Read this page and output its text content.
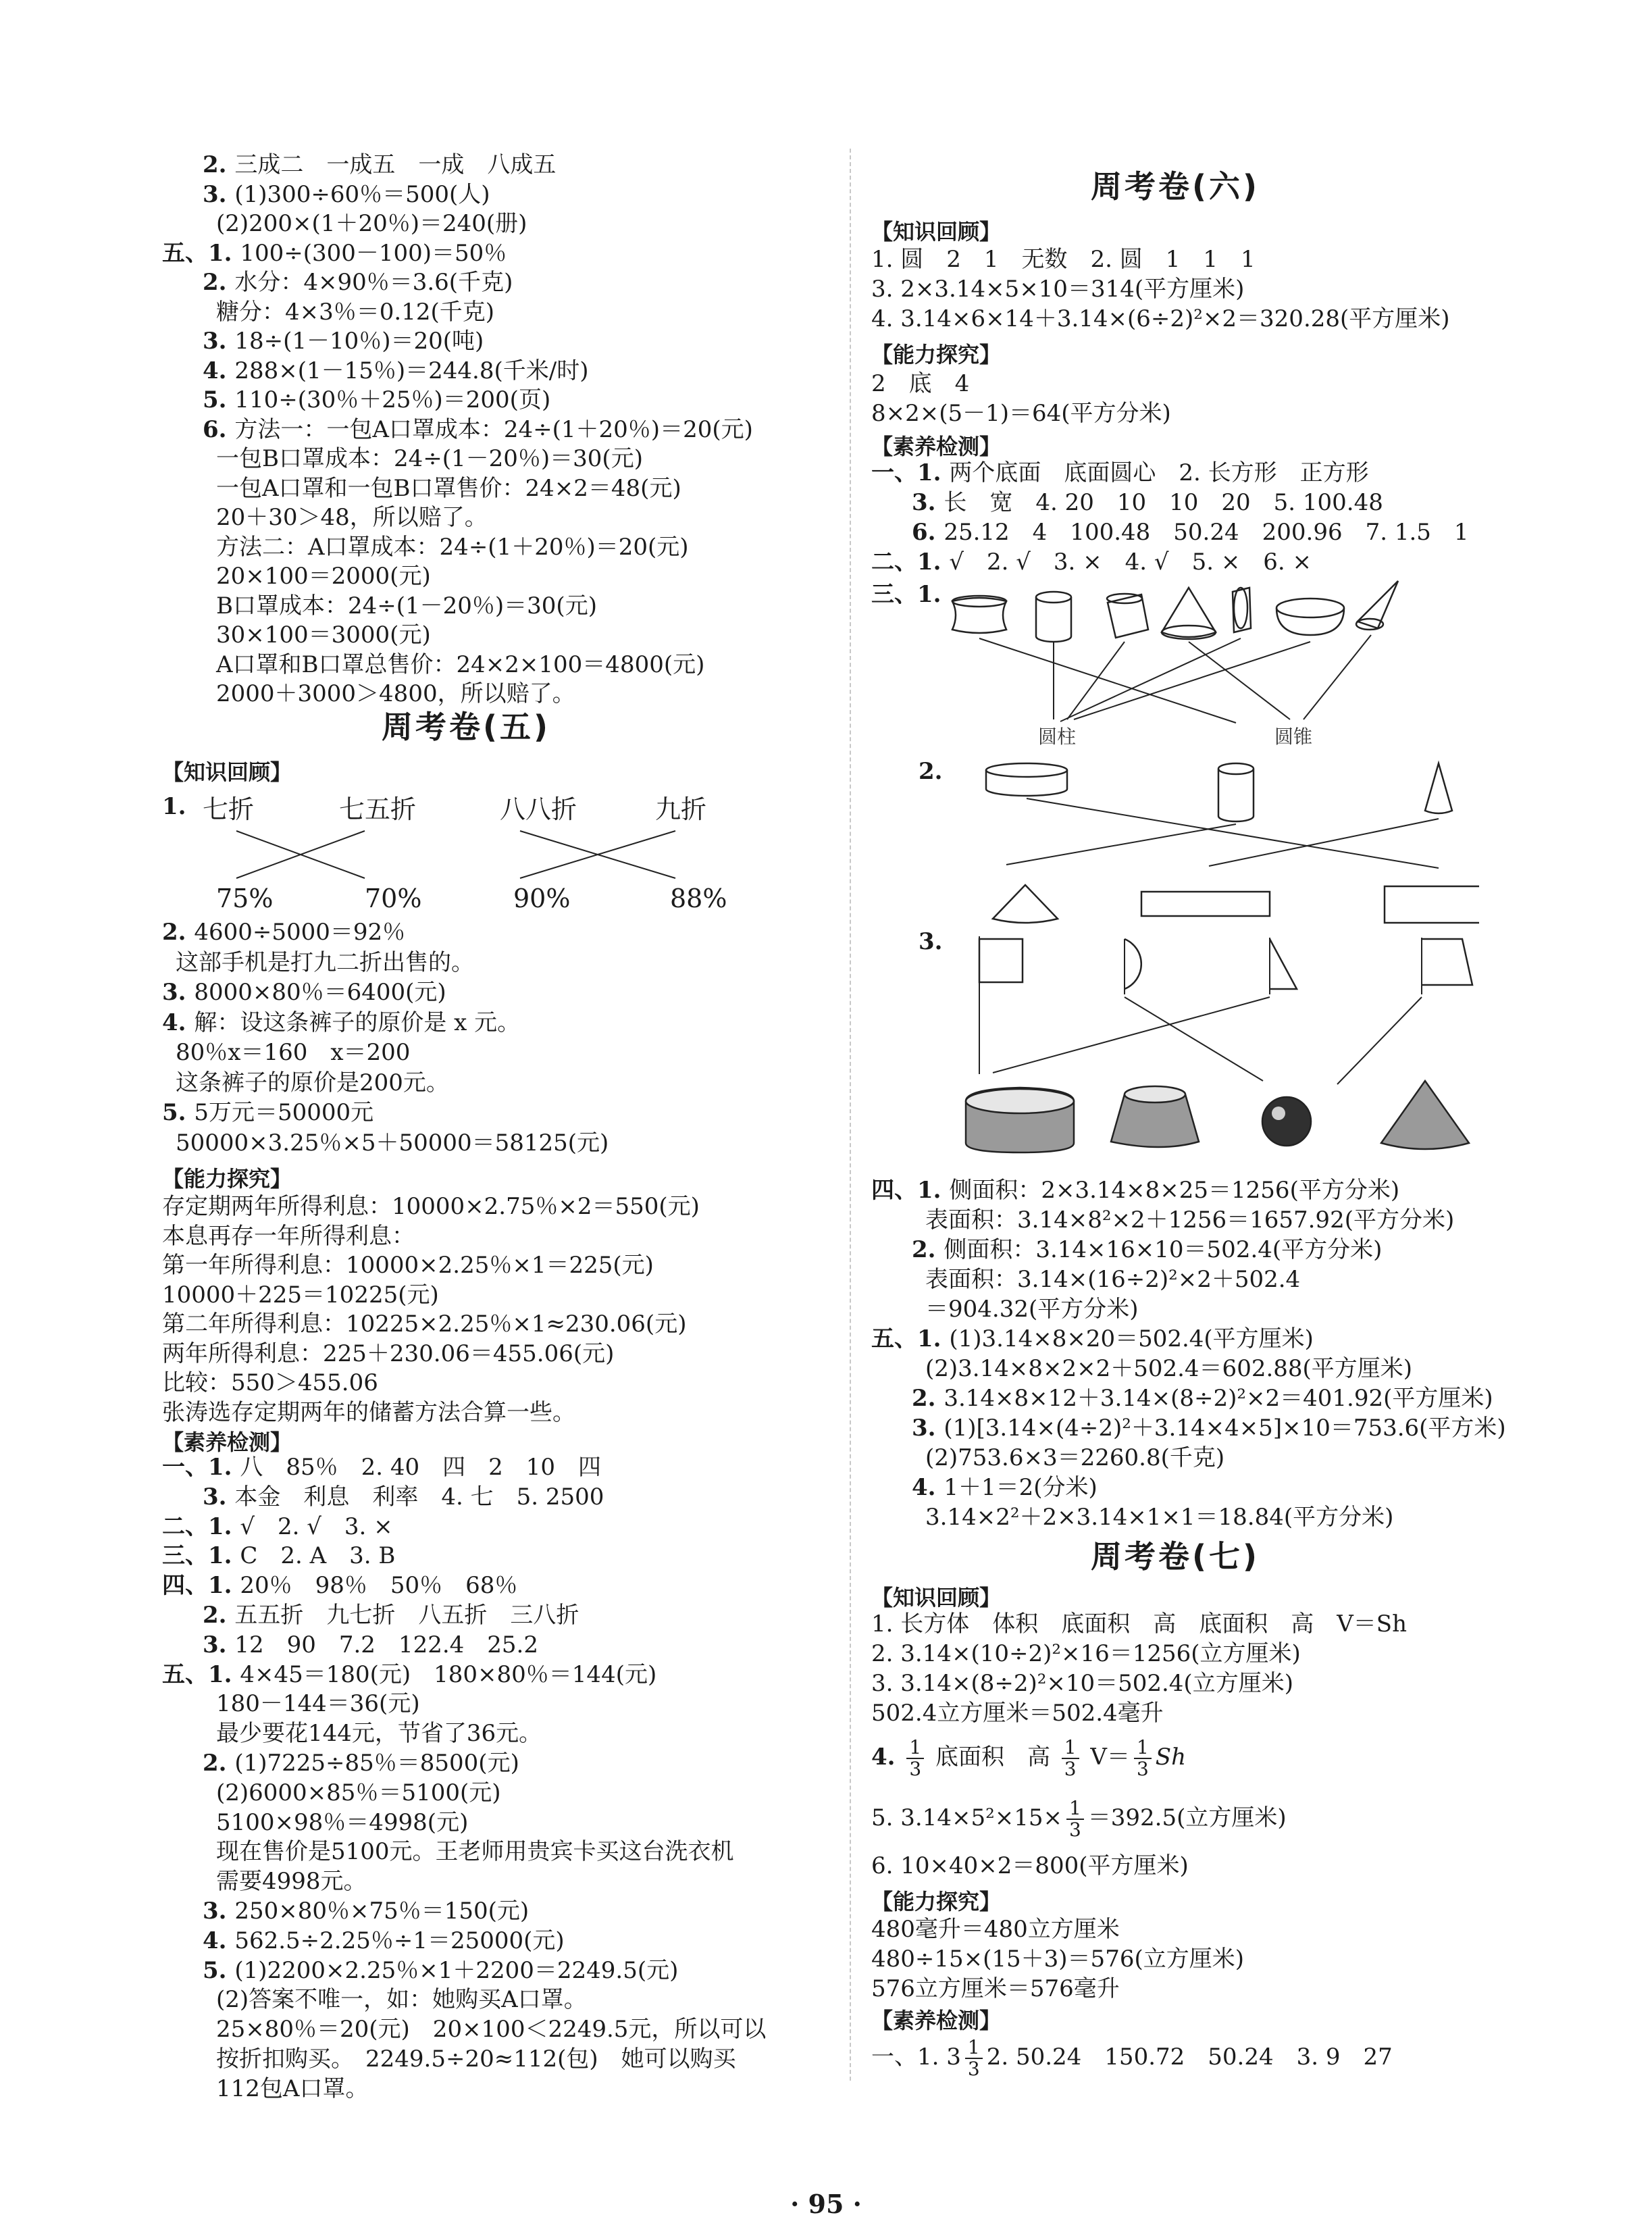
2. 三成二　一成五　一成　八成五
3. (1)300÷60％＝500(人)
(2)200×(1＋20％)＝240(册)
五、1. 100÷(300－100)＝50％
2. 水分：4×90％＝3.6(千克)
糖分：4×3％＝0.12(千克)
3. 18÷(1－10％)＝20(吨)
4. 288×(1－15％)＝244.8(千米/时)
5. 110÷(30％＋25％)＝200(页)
6. 方法一：一包A口罩成本：24÷(1＋20％)＝20(元)
一包B口罩成本：24÷(1－20％)＝30(元)
一包A口罩和一包B口罩售价：24×2＝48(元)
20＋30＞48，所以赔了。
方法二：A口罩成本：24÷(1＋20％)＝20(元)
20×100＝2000(元)
B口罩成本：24÷(1－20％)＝30(元)
30×100＝3000(元)
A口罩和B口罩总售价：24×2×100＝4800(元)
2000＋3000＞4800，所以赔了。
周考卷(五)
【知识回顾】
1. 七折	七五折	八八折	九折
75%	70%	90%	88%
2. 4600÷5000＝92％
这部手机是打九二折出售的。
3. 8000×80％＝6400(元)
4. 解：设这条裤子的原价是 x 元。
80％x＝160　x＝200
这条裤子的原价是200元。
5. 5万元＝50000元
50000×3.25％×5＋50000＝58125(元)
【能力探究】
存定期两年所得利息：10000×2.75％×2＝550(元)
本息再存一年所得利息：
第一年所得利息：10000×2.25％×1＝225(元)
10000＋225＝10225(元)
第二年所得利息：10225×2.25％×1≈230.06(元)
两年所得利息：225＋230.06＝455.06(元)
比较：550＞455.06
张涛选存定期两年的储蓄方法合算一些。
【素养检测】
一、1. 八　85％　2. 40　四　2　10　四
3. 本金　利息　利率　4. 七　5. 2500
二、1. √　2. √　3. ×
三、1. C　2. A　3. B
四、1. 20％　98％　50％　68％
2. 五五折　九七折　八五折　三八折
3. 12　90　7.2　122.4　25.2
五、1. 4×45＝180(元)　180×80％＝144(元)
180－144＝36(元)
最少要花144元，节省了36元。
2. (1)7225÷85％＝8500(元)
(2)6000×85％＝5100(元)
5100×98％＝4998(元)
现在售价是5100元。王老师用贵宾卡买这台洗衣机
需要4998元。
3. 250×80％×75％＝150(元)
4. 562.5÷2.25％÷1＝25000(元)
5. (1)2200×2.25％×1＋2200＝2249.5(元)
(2)答案不唯一，如：她购买A口罩。
25×80％＝20(元)　20×100＜2249.5元，所以可以
按折扣购买。　2249.5÷20≈112(包)　她可以购买
112包A口罩。
周考卷(六)
【知识回顾】
1. 圆　2　1　无数　2. 圆　1　1　1
3. 2×3.14×5×10＝314(平方厘米)
4. 3.14×6×14＋3.14×(6÷2)²×2＝320.28(平方厘米)
【能力探究】
2　底　4
8×2×(5－1)＝64(平方分米)
【素养检测】
一、1. 两个底面　底面圆心　2. 长方形　正方形
3. 长　宽　4. 20　10　10　20　5. 100.48
6. 25.12　4　100.48　50.24　200.96　7. 1.5　1
二、1. √　2. √　3. ×　4. √　5. ×　6. ×
三、1.
圆柱	圆锥
2.
3.
四、1. 侧面积：2×3.14×8×25＝1256(平方分米)
表面积：3.14×8²×2＋1256＝1657.92(平方分米)
2. 侧面积：3.14×16×10＝502.4(平方分米)
表面积：3.14×(16÷2)²×2＋502.4
＝904.32(平方分米)
五、1. (1)3.14×8×20＝502.4(平方厘米)
(2)3.14×8×2×2＋502.4＝602.88(平方厘米)
2. 3.14×8×12＋3.14×(8÷2)²×2＝401.92(平方厘米)
3. (1)[3.14×(4÷2)²＋3.14×4×5]×10＝753.6(平方米)
(2)753.6×3＝2260.8(千克)
4. 1＋1＝2(分米)
3.14×2²＋2×3.14×1×1＝18.84(平方分米)
周考卷(七)
【知识回顾】
1. 长方体　体积　底面积　高　底面积　高　V＝Sh
2. 3.14×(10÷2)²×16＝1256(立方厘米)
3. 3.14×(8÷2)²×10＝502.4(立方厘米)
502.4立方厘米＝502.4毫升
4. $\frac{1}{3}$ 底面积　高 $\frac{1}{3} V= \frac{1}{3}$ Sh
5. $3.14\times 5^2\times 15\times \frac{1}{3} =392.5$(立方厘米)
6. 10×40×2＝800(平方厘米)
【能力探究】
480毫升＝480立方厘米
480÷15×(15＋3)＝576(立方厘米)
576立方厘米＝576毫升
【素养检测】
一、1. $3 \frac{1}{3} 2$. 50.24　150.72　50.24　3. 9　27
· 95 ·
